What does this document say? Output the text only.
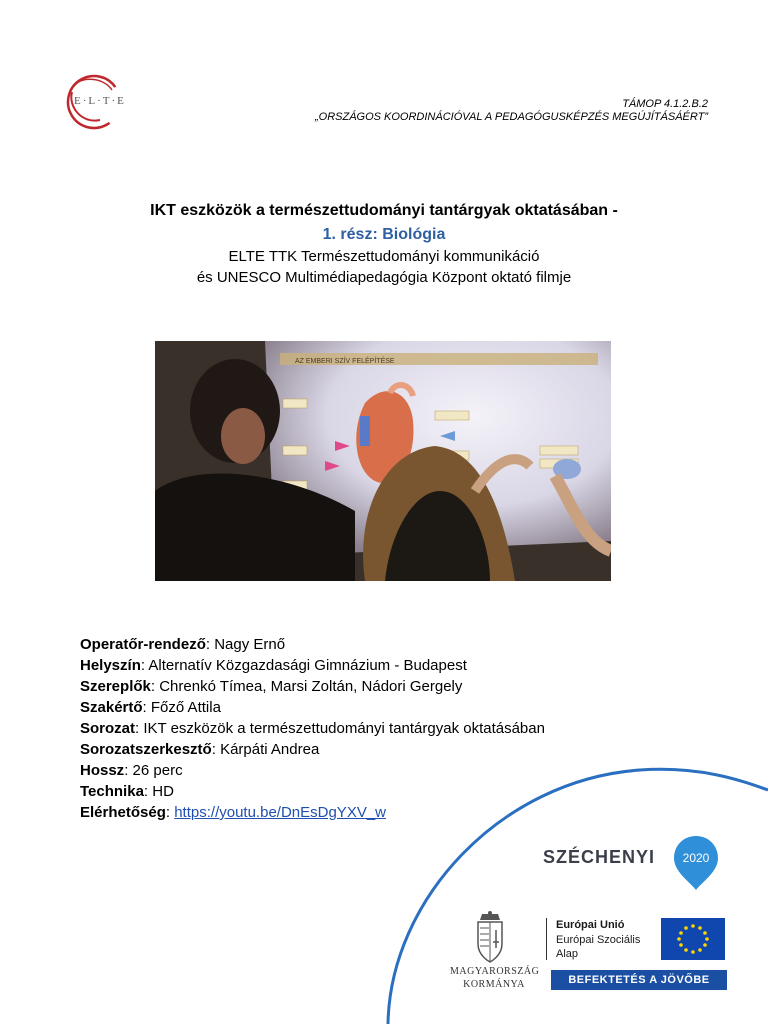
E·L·T·E	TÁMOP 4.1.2.B.2
„ORSZÁGOS KOORDINÁCIÓVAL A PEDAGÓGUSKÉPZÉS MEGÚJÍTÁSÁÉRT”
IKT eszközök a természettudományi tantárgyak oktatásában -
1. rész: Biológia
ELTE TTK Természettudományi kommunikáció
és UNESCO Multimédiapedagógia Központ oktató filmje
AZ EMBERI SZÍV FELÉPÍTÉSE
Operatőr-rendező: Nagy Ernő
Helyszín: Alternatív Közgazdasági Gimnázium - Budapest
Szereplők: Chrenkó Tímea, Marsi Zoltán, Nádori Gergely
Szakértő: Főző Attila
Sorozat: IKT eszközök a természettudományi tantárgyak oktatásában
Sorozatszerkesztő: Kárpáti Andrea
Hossz: 26 perc
Technika: HD
Elérhetőség: https://youtu.be/DnEsDgYXV_w
SZÉCHENYI 2020
MAGYARORSZÁG
KORMÁNYA
Európai Unió
Európai Szociális
Alap
BEFEKTETÉS A JÖVŐBE
